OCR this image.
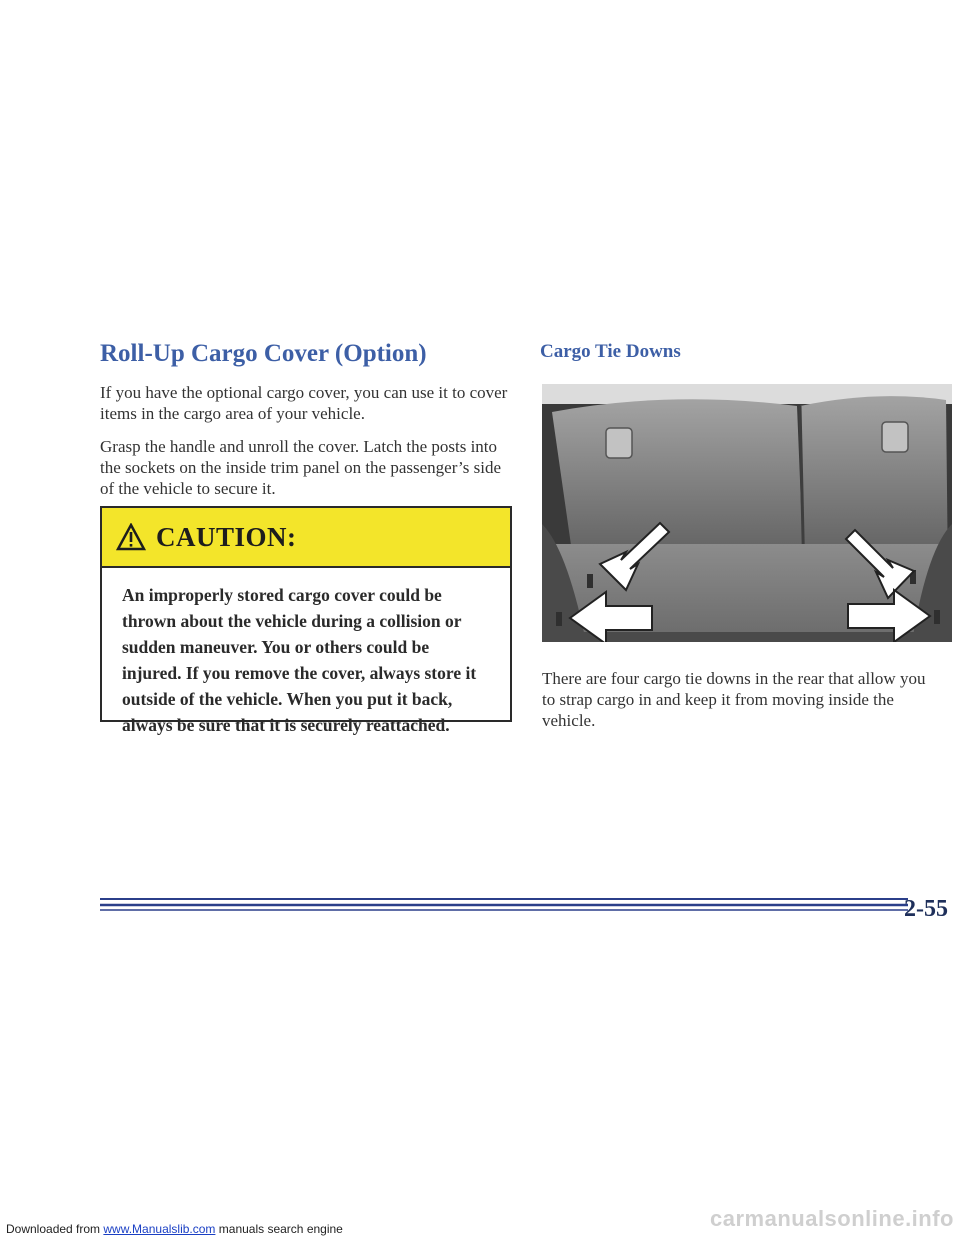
Roll-Up Cargo Cover (Option)

If you have the optional cargo cover, you can use it to cover items in the cargo area of your vehicle.

Grasp the handle and unroll the cover. Latch the posts into the sockets on the inside trim panel on the passenger’s side of the vehicle to secure it.

CAUTION:

An improperly stored cargo cover could be thrown about the vehicle during a collision or sudden maneuver. You or others could be injured. If you remove the cover, always store it outside of the vehicle. When you put it back, always be sure that it is securely reattached.

Cargo Tie Downs

There are four cargo tie downs in the rear that allow you to strap cargo in and keep it from moving inside the vehicle.

2-55
Downloaded from www.Manualslib.com manuals search engine	carmanualsonline.info
